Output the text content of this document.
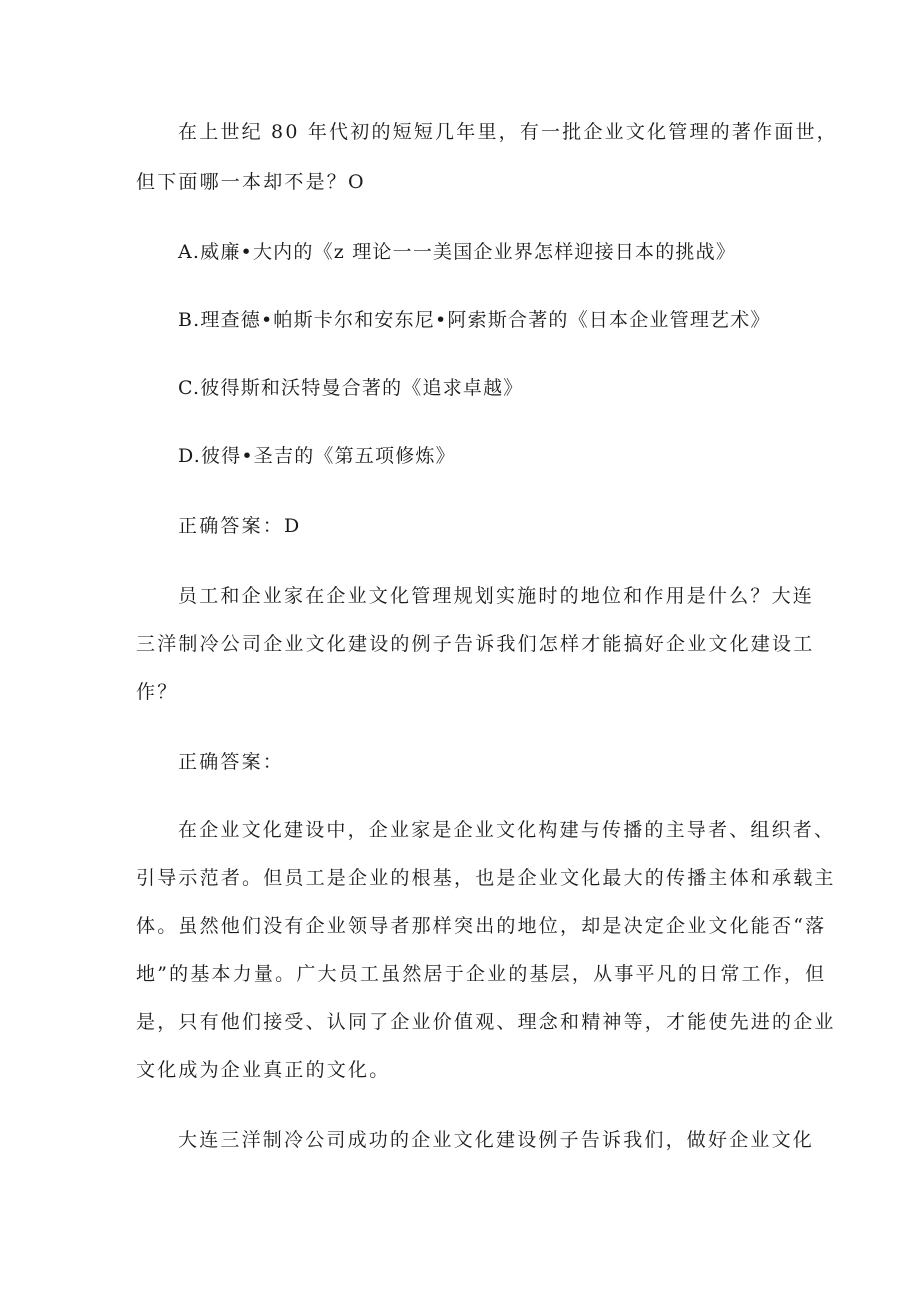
在上世纪 80 年代初的短短几年里，有一批企业文化管理的著作面世，
但下面哪一本却不是？O
A.威廉•大内的《z 理论一一美国企业界怎样迎接日本的挑战》
B.理查德•帕斯卡尔和安东尼•阿索斯合著的《日本企业管理艺术》
C.彼得斯和沃特曼合著的《追求卓越》
D.彼得•圣吉的《第五项修炼》
正确答案：D
员工和企业家在企业文化管理规划实施时的地位和作用是什么？大连
三洋制冷公司企业文化建设的例子告诉我们怎样才能搞好企业文化建设工
作？
正确答案：
在企业文化建设中，企业家是企业文化构建与传播的主导者、组织者、
引导示范者。但员工是企业的根基，也是企业文化最大的传播主体和承载主
体。虽然他们没有企业领导者那样突出的地位，却是决定企业文化能否“落
地”的基本力量。广大员工虽然居于企业的基层，从事平凡的日常工作，但
是，只有他们接受、认同了企业价值观、理念和精神等，才能使先进的企业
文化成为企业真正的文化。
大连三洋制冷公司成功的企业文化建设例子告诉我们，做好企业文化
